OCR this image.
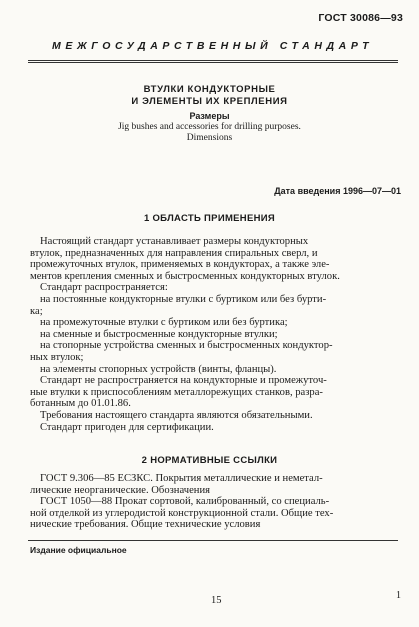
ГОСТ 30086—93
МЕЖГОСУДАРСТВЕННЫЙ СТАНДАРТ
ВТУЛКИ КОНДУКТОРНЫЕ
И ЭЛЕМЕНТЫ ИХ КРЕПЛЕНИЯ
Размеры
Jig bushes and accessories for drilling purposes.
Dimensions
Дата введения 1996—07—01
1 ОБЛАСТЬ ПРИМЕНЕНИЯ
Настоящий стандарт устанавливает размеры кондукторных
втулок, предназначенных для направления спиральных сверл, и
промежуточных втулок, применяемых в кондукторах, а также эле-
ментов крепления сменных и быстросменных кондукторных втулок.
Стандарт распространяется:
на постоянные кондукторные втулки с буртиком или без бурти-
ка;
на промежуточные втулки с буртиком или без буртика;
на сменные и быстросменные кондукторные втулки;
на стопорные устройства сменных и быстросменных кондуктор-
ных втулок;
на элементы стопорных устройств (винты, фланцы).
Стандарт не распространяется на кондукторные и промежуточ-
ные втулки к приспособлениям металлорежущих станков, разра-
ботанным до 01.01.86.
Требования настоящего стандарта являются обязательными.
Стандарт пригоден для сертификации.
2 НОРМАТИВНЫЕ ССЫЛКИ
ГОСТ 9.306—85 ЕСЗКС. Покрытия металлические и неметал-
лические неорганические. Обозначения
ГОСТ 1050—88 Прокат сортовой, калиброванный, со специаль-
ной отделкой из углеродистой конструкционной стали. Общие тех-
нические требования. Общие технические условия
Издание официальное
15	1
